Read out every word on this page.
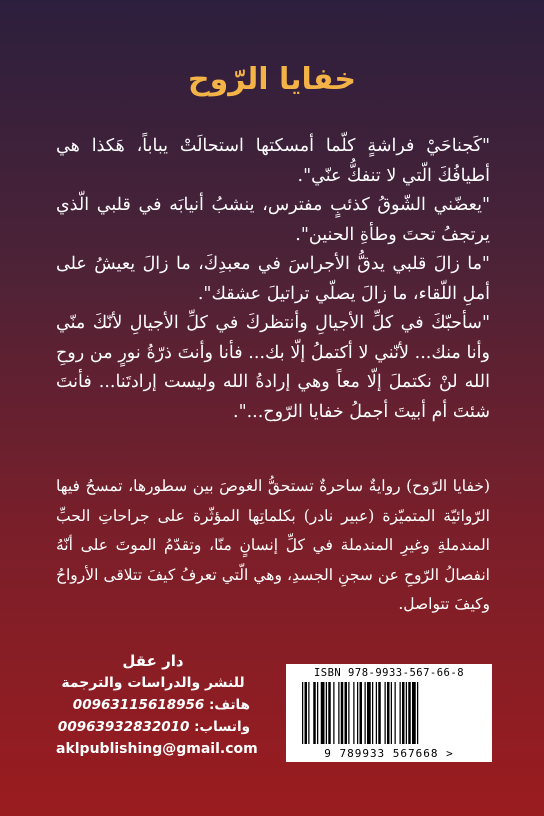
خفايا الرّوح

"كَجناحَيْ فراشةٍ كلّما أمسكتها استحالَتْ يباباً، هَكذا هي أطيافُكَ الّتي لا تنفكُّ عنّي".

"يعضّني الشّوقُ كذئبٍ مفترس، ينشبُ أنيابَه في قلبي الّذي يرتجفُ تحتَ وطأةِ الحنين".

"ما زالَ قلبي يدقُّ الأجراسَ في معبدِكَ، ما زالَ يعيشُ على أملِ اللّقاء، ما زالَ يصلّي تراتيلَ عشقك".

"سأحبّكَ في كلِّ الأجيالِ وأنتظركَ في كلِّ الأجيالِ لأنّكَ منّي وأنا منك... لأنّني لا أكتملُ إلّا بك... فأنا وأنتَ ذرّةُ نورٍ من روحِ الله لنْ نكتملَ إلّا معاً وهي إرادةُ الله وليست إرادتَنا... فأنتَ شئتَ أم أبيتَ أجملُ خفايا الرّوح...".

(خفايا الرّوح) روايةٌ ساحرةٌ تستحقُّ الغوصَ بين سطورها، تمسحُ فيها الرّوائيّة المتميّزة (عبير نادر) بكلماتِها المؤثّرة على جراحاتِ الحبِّ المندملةِ وغيرِ المندملة في كلِّ إنسانٍ منّا، وتقدّمُ الموتَ على أنّهُ انفصالُ الرّوحِ عن سجنِ الجسدِ، وهي الّتي تعرفُ كيفَ تتلاقى الأرواحُ وكيفَ تتواصل.

دار عقل
للنشر والدراسات والترجمة
هاتف: 00963115618956
واتساب: 00963932832010
aklpublishing@gmail.com
ISBN 978-9933-567-66-8
9 789933 567668 >
